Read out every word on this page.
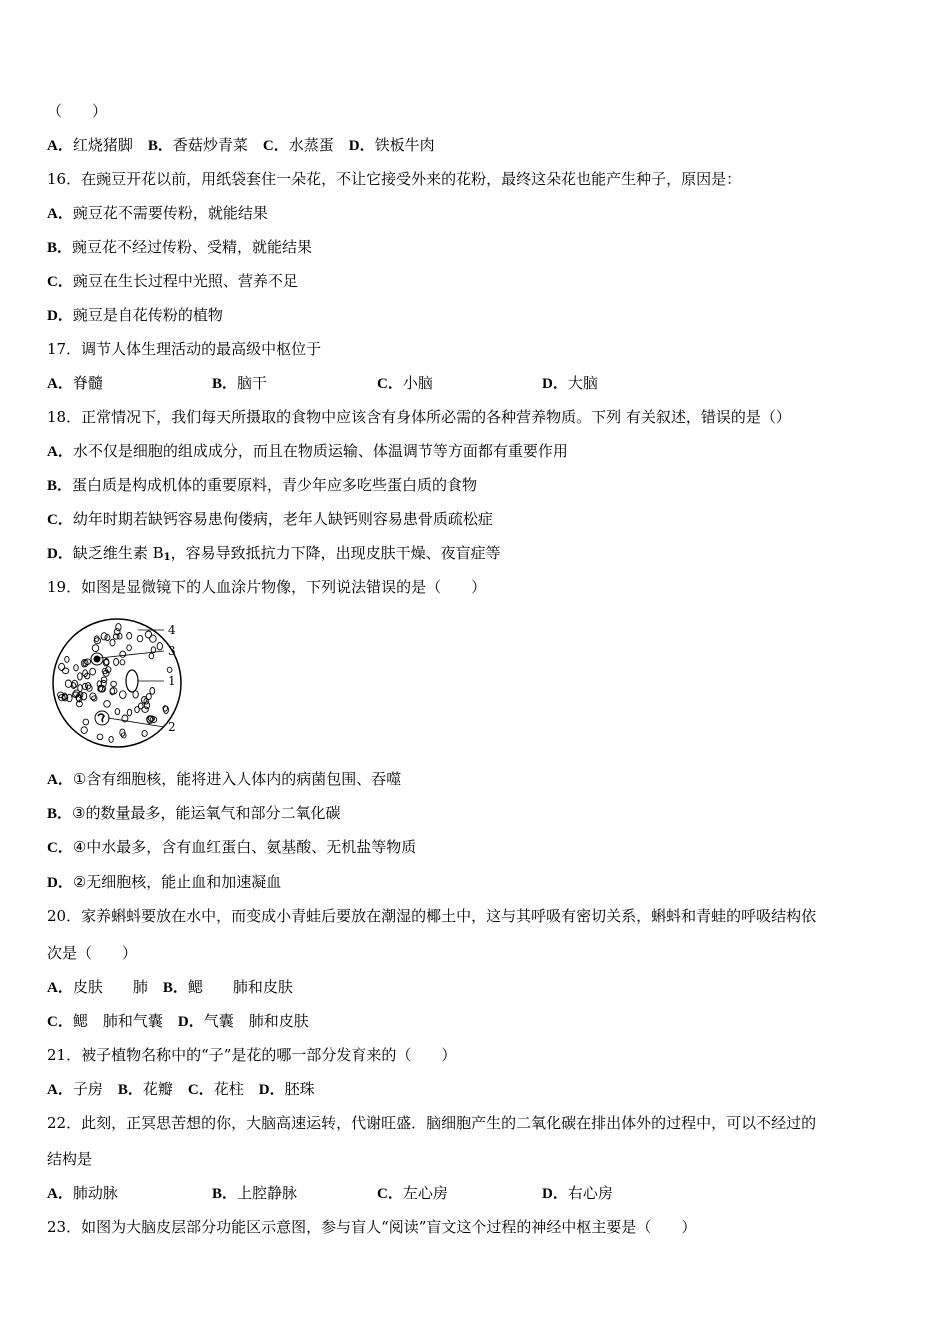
（　　）
A．红烧猪脚　B．香菇炒青菜　C．水蒸蛋　D．铁板牛肉
16．在豌豆开花以前，用纸袋套住一朵花，不让它接受外来的花粉，最终这朵花也能产生种子，原因是：
A．豌豆花不需要传粉，就能结果
B．豌豆花不经过传粉、受精，就能结果
C．豌豆在生长过程中光照、营养不足
D．豌豆是自花传粉的植物
17．调节人体生理活动的最高级中枢位于
A．脊髓	B．脑干	C．小脑	D．大脑
18．正常情况下，我们每天所摄取的食物中应该含有身体所必需的各种营养物质。下列 有关叙述，错误的是（）
A．水不仅是细胞的组成成分，而且在物质运输、体温调节等方面都有重要作用
B．蛋白质是构成机体的重要原料，青少年应多吃些蛋白质的食物
C．幼年时期若缺钙容易患佝偻病，老年人缺钙则容易患骨质疏松症
D．缺乏维生素 $B_1$，容易导致抵抗力下降，出现皮肤干燥、夜盲症等
19．如图是显微镜下的人血涂片物像，下列说法错误的是（　　）
4
3
1
2
A．①含有细胞核，能将进入人体内的病菌包围、吞噬
B．③的数量最多，能运氧气和部分二氧化碳
C．④中水最多，含有血红蛋白、氨基酸、无机盐等物质
D．②无细胞核，能止血和加速凝血
20．家养蝌蚪要放在水中，而变成小青蛙后要放在潮湿的椰土中，这与其呼吸有密切关系，蝌蚪和青蛙的呼吸结构依
次是（　　）
A．皮肤　　肺　B．鳃　　肺和皮肤
C．鳃　肺和气囊　D．气囊　肺和皮肤
21．被子植物名称中的“子”是花的哪一部分发育来的（　　）
A．子房　B．花瓣　C．花柱　D．胚珠
22．此刻，正冥思苦想的你，大脑高速运转，代谢旺盛．脑细胞产生的二氧化碳在排出体外的过程中，可以不经过的
结构是
A．肺动脉	B．上腔静脉	C．左心房	D．右心房
23．如图为大脑皮层部分功能区示意图，参与盲人“阅读”盲文这个过程的神经中枢主要是（　　）
